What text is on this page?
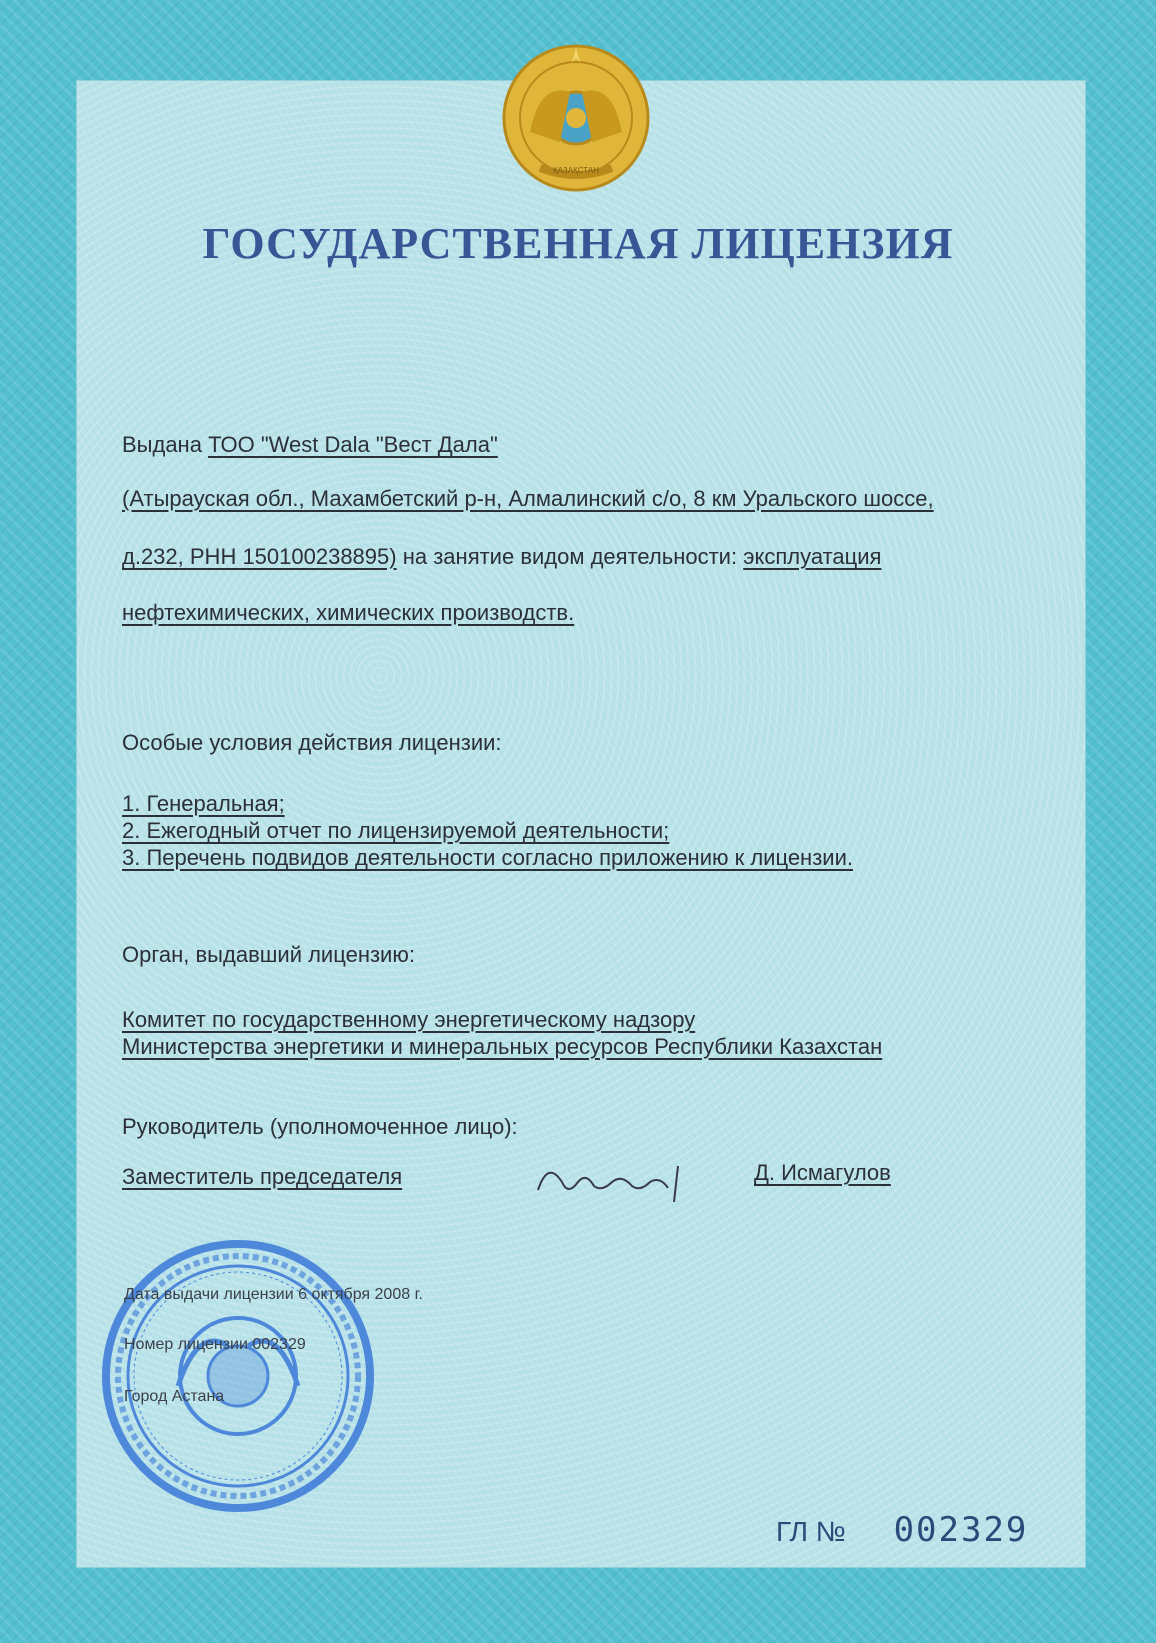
ҚАЗАҚСТАН
ГОСУДАРСТВЕННАЯ ЛИЦЕНЗИЯ
Выдана ТОО "West Dala "Вест Дала"
(Атырауская обл., Махамбетский р-н, Алмалинский с/о, 8 км Уральского шоссе,
д.232, РНН 150100238895) на занятие видом деятельности: эксплуатация
нефтехимических, химических производств.
Особые условия действия лицензии:
1. Генеральная;
2. Ежегодный отчет по лицензируемой деятельности;
3. Перечень подвидов деятельности согласно приложению к лицензии.
Орган, выдавший лицензию:
Комитет по государственному энергетическому надзору
Министерства энергетики и минеральных ресурсов Республики Казахстан
Руководитель (уполномоченное лицо):
Заместитель председателя	Д. Исмагулов
Дата выдачи лицензии 6 октября 2008 г.
Номер лицензии 002329
Город Астана
ГЛ № 002329
